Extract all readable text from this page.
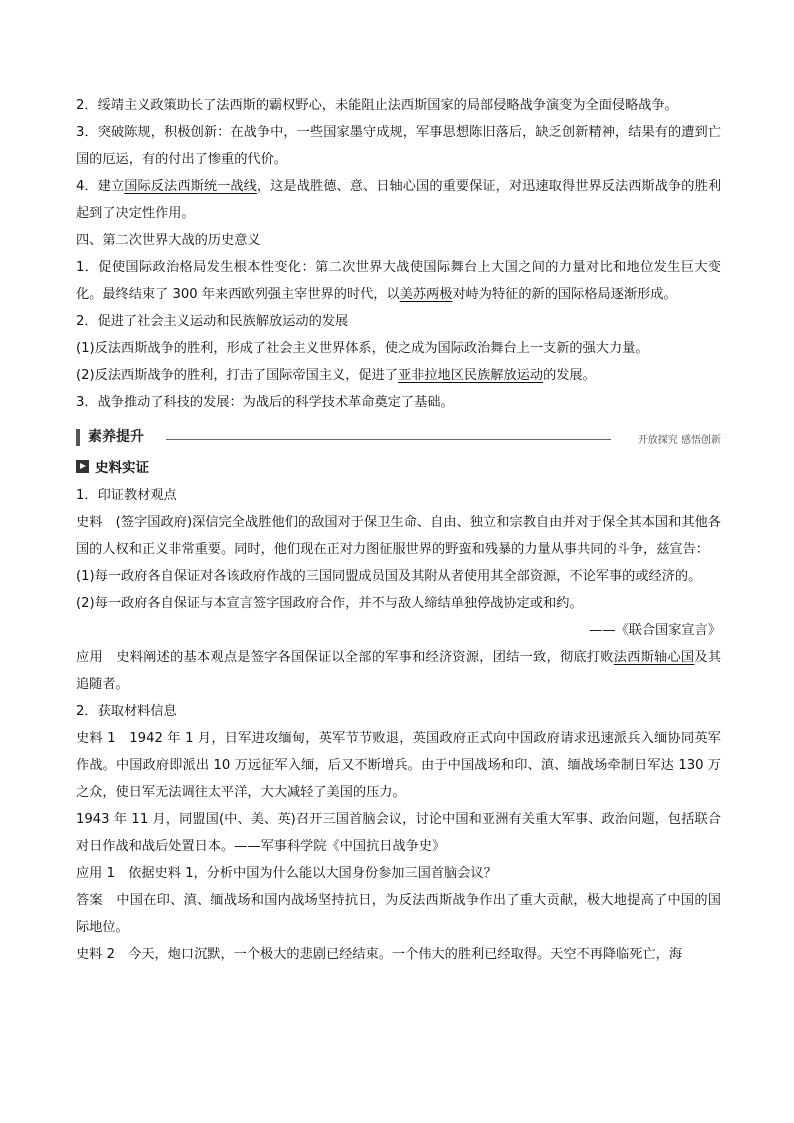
2．绥靖主义政策助长了法西斯的霸权野心，未能阻止法西斯国家的局部侵略战争演变为全面侵略战争。

3．突破陈规，积极创新：在战争中，一些国家墨守成规，军事思想陈旧落后，缺乏创新精神，结果有的遭到亡国的厄运，有的付出了惨重的代价。

4．建立国际反法西斯统一战线，这是战胜德、意、日轴心国的重要保证，对迅速取得世界反法西斯战争的胜利起到了决定性作用。

四、第二次世界大战的历史意义

1．促使国际政治格局发生根本性变化：第二次世界大战使国际舞台上大国之间的力量对比和地位发生巨大变化。最终结束了 300 年来西欧列强主宰世界的时代，以美苏两极对峙为特征的新的国际格局逐渐形成。

2．促进了社会主义运动和民族解放运动的发展

(1)反法西斯战争的胜利，形成了社会主义世界体系，使之成为国际政治舞台上一支新的强大力量。

(2)反法西斯战争的胜利，打击了国际帝国主义，促进了亚非拉地区民族解放运动的发展。

3．战争推动了科技的发展：为战后的科学技术革命奠定了基础。

素养提升	开放探究 感悟创新
史料实证

1．印证教材观点

史料　(签字国政府)深信完全战胜他们的敌国对于保卫生命、自由、独立和宗教自由并对于保全其本国和其他各国的人权和正义非常重要。同时，他们现在正对力图征服世界的野蛮和残暴的力量从事共同的斗争，兹宣告：

(1)每一政府各自保证对各该政府作战的三国同盟成员国及其附从者使用其全部资源，不论军事的或经济的。

(2)每一政府各自保证与本宣言签字国政府合作，并不与敌人缔结单独停战协定或和约。

——《联合国家宣言》

应用　史料阐述的基本观点是签字各国保证以全部的军事和经济资源，团结一致，彻底打败法西斯轴心国及其追随者。

2．获取材料信息

史料 1　1942 年 1 月，日军进攻缅甸，英军节节败退，英国政府正式向中国政府请求迅速派兵入缅协同英军作战。中国政府即派出 10 万远征军入缅，后又不断增兵。由于中国战场和印、滇、缅战场牵制日军达 130 万之众，使日军无法调往太平洋，大大减轻了美国的压力。

1943 年 11 月，同盟国(中、美、英)召开三国首脑会议，讨论中国和亚洲有关重大军事、政治问题，包括联合对日作战和战后处置日本。——军事科学院《中国抗日战争史》

应用 1　依据史料 1，分析中国为什么能以大国身份参加三国首脑会议？

答案　中国在印、滇、缅战场和国内战场坚持抗日，为反法西斯战争作出了重大贡献，极大地提高了中国的国际地位。

史料 2　今天，炮口沉默，一个极大的悲剧已经结束。一个伟大的胜利已经取得。天空不再降临死亡，海
